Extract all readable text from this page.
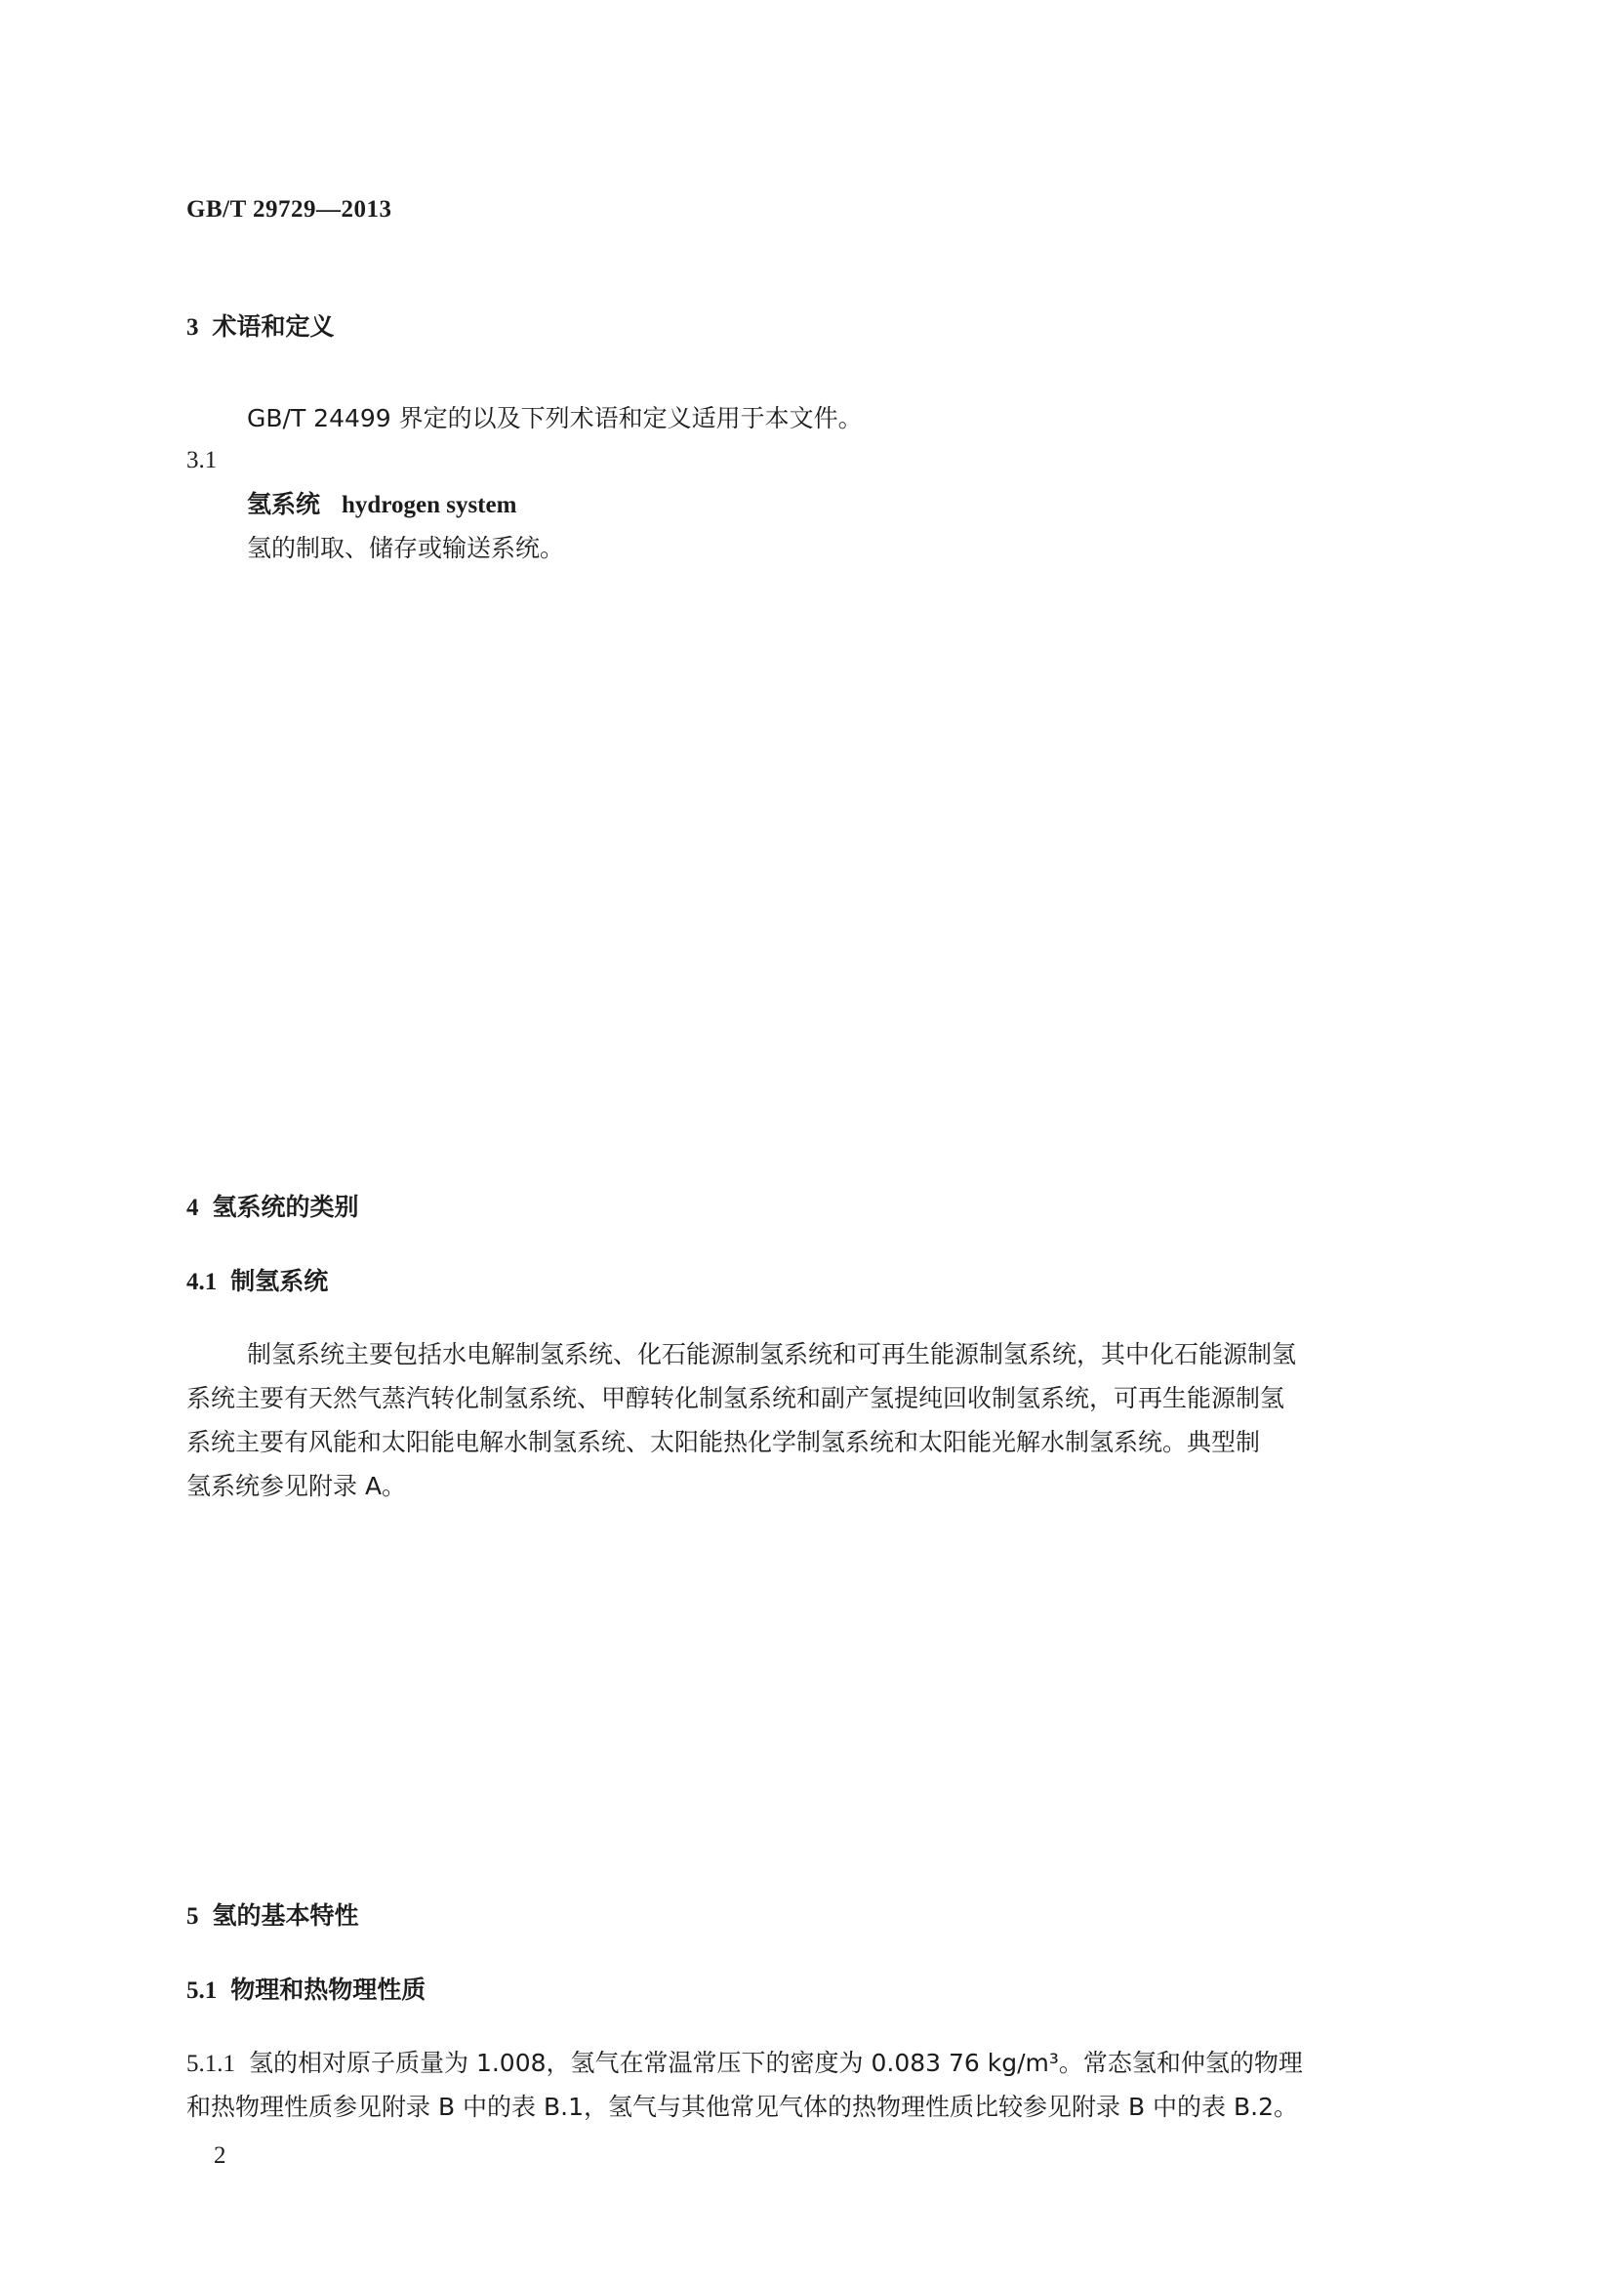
GB/T 29729—2013
3 术语和定义
GB/T 24499 界定的以及下列术语和定义适用于本文件。
3.1
氢系统 hydrogen system
氢的制取、储存或输送系统。
4 氢系统的类别
4.1 制氢系统
制氢系统主要包括水电解制氢系统、化石能源制氢系统和可再生能源制氢系统，其中化石能源制氢
系统主要有天然气蒸汽转化制氢系统、甲醇转化制氢系统和副产氢提纯回收制氢系统，可再生能源制氢
系统主要有风能和太阳能电解水制氢系统、太阳能热化学制氢系统和太阳能光解水制氢系统。典型制
氢系统参见附录 A。
5 氢的基本特性
5.1 物理和热物理性质
5.1.1 氢的相对原子质量为 1.008，氢气在常温常压下的密度为 0.083 76 kg/m³。常态氢和仲氢的物理
和热物理性质参见附录 B 中的表 B.1，氢气与其他常见气体的热物理性质比较参见附录 B 中的表 B.2。
2
